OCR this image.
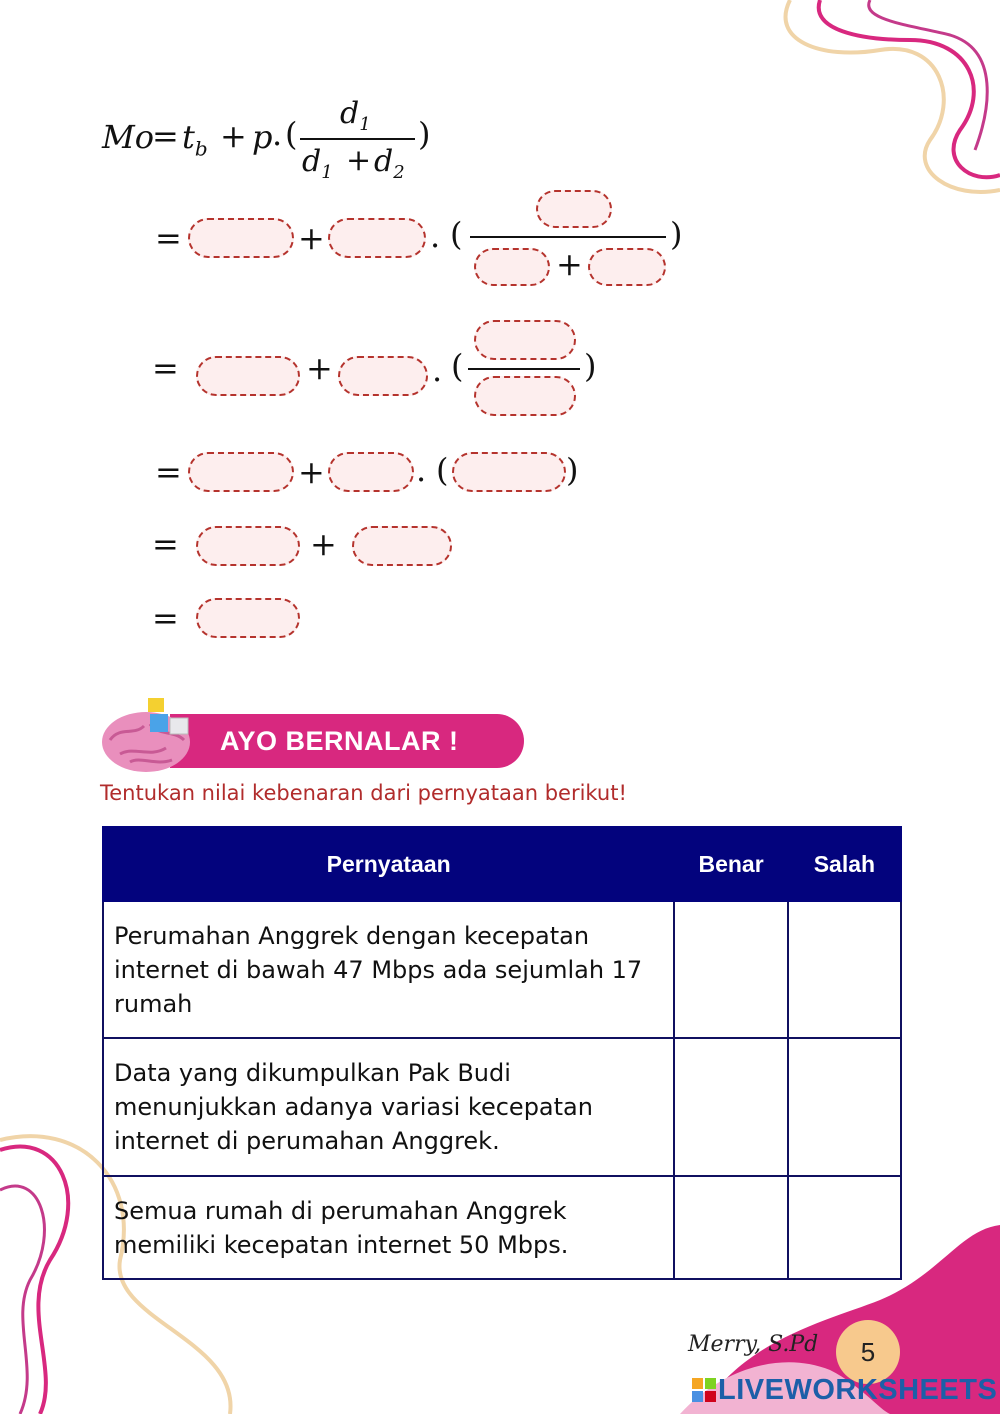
Mo
= $t_b + p$ . (
$d_1$
$d_1 + d_2$
)
=	+	. (
+
)
=	+	. (	)
=	+	. (	)
=	+
=
AYO BERNALAR !
Tentukan nilai kebenaran dari pernyataan berikut!
Pernyataan	Benar	Salah
Perumahan Anggrek dengan kecepatan internet di bawah 47 Mbps ada sejumlah 17 rumah		
Data yang dikumpulkan Pak Budi menunjukkan adanya variasi kecepatan internet di perumahan Anggrek.		
Semua rumah di perumahan Anggrek memiliki kecepatan internet 50 Mbps.		
Merry, S.Pd	5
LIVEWORKSHEETS
